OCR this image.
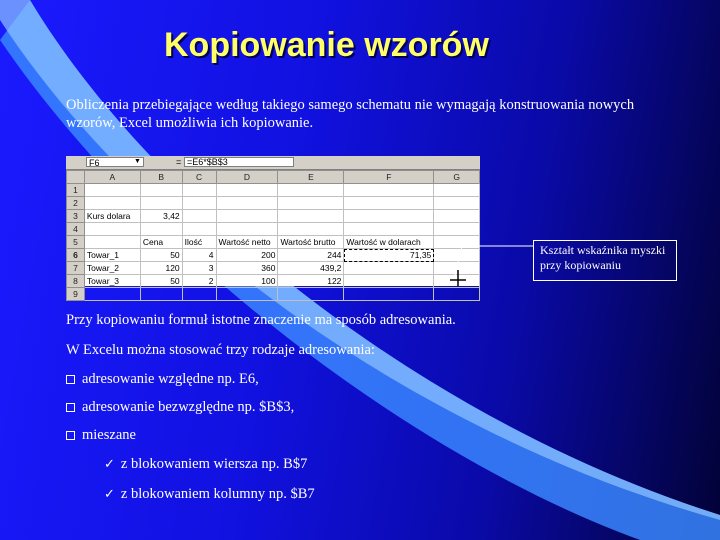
Kopiowanie wzorów
Obliczenia przebiegające według takiego samego schematu nie wymagają konstruowania nowych wzorów, Excel umożliwia ich kopiowanie.
F6	▼	= =E6*$B$3
	A	B	C	D	E	F	G
1							
2							
3	Kurs dolara	3,42					
4							
5		Cena	Ilość	Wartość netto	Wartość brutto	Wartość w dolarach	
6	Towar_1	50	4	200	244	71,35	
7	Towar_2	120	3	360	439,2		
8	Towar_3	50	2	100	122		
9							
Kształt wskaźnika myszki przy kopiowaniu
Przy kopiowaniu formuł istotne znaczenie ma sposób adresowania.
W Excelu można stosować trzy rodzaje adresowania:
adresowanie względne np. E6,
adresowanie bezwzględne np. $B$3,
mieszane
✓ z blokowaniem wiersza np. B$7
✓ z blokowaniem kolumny np. $B7
